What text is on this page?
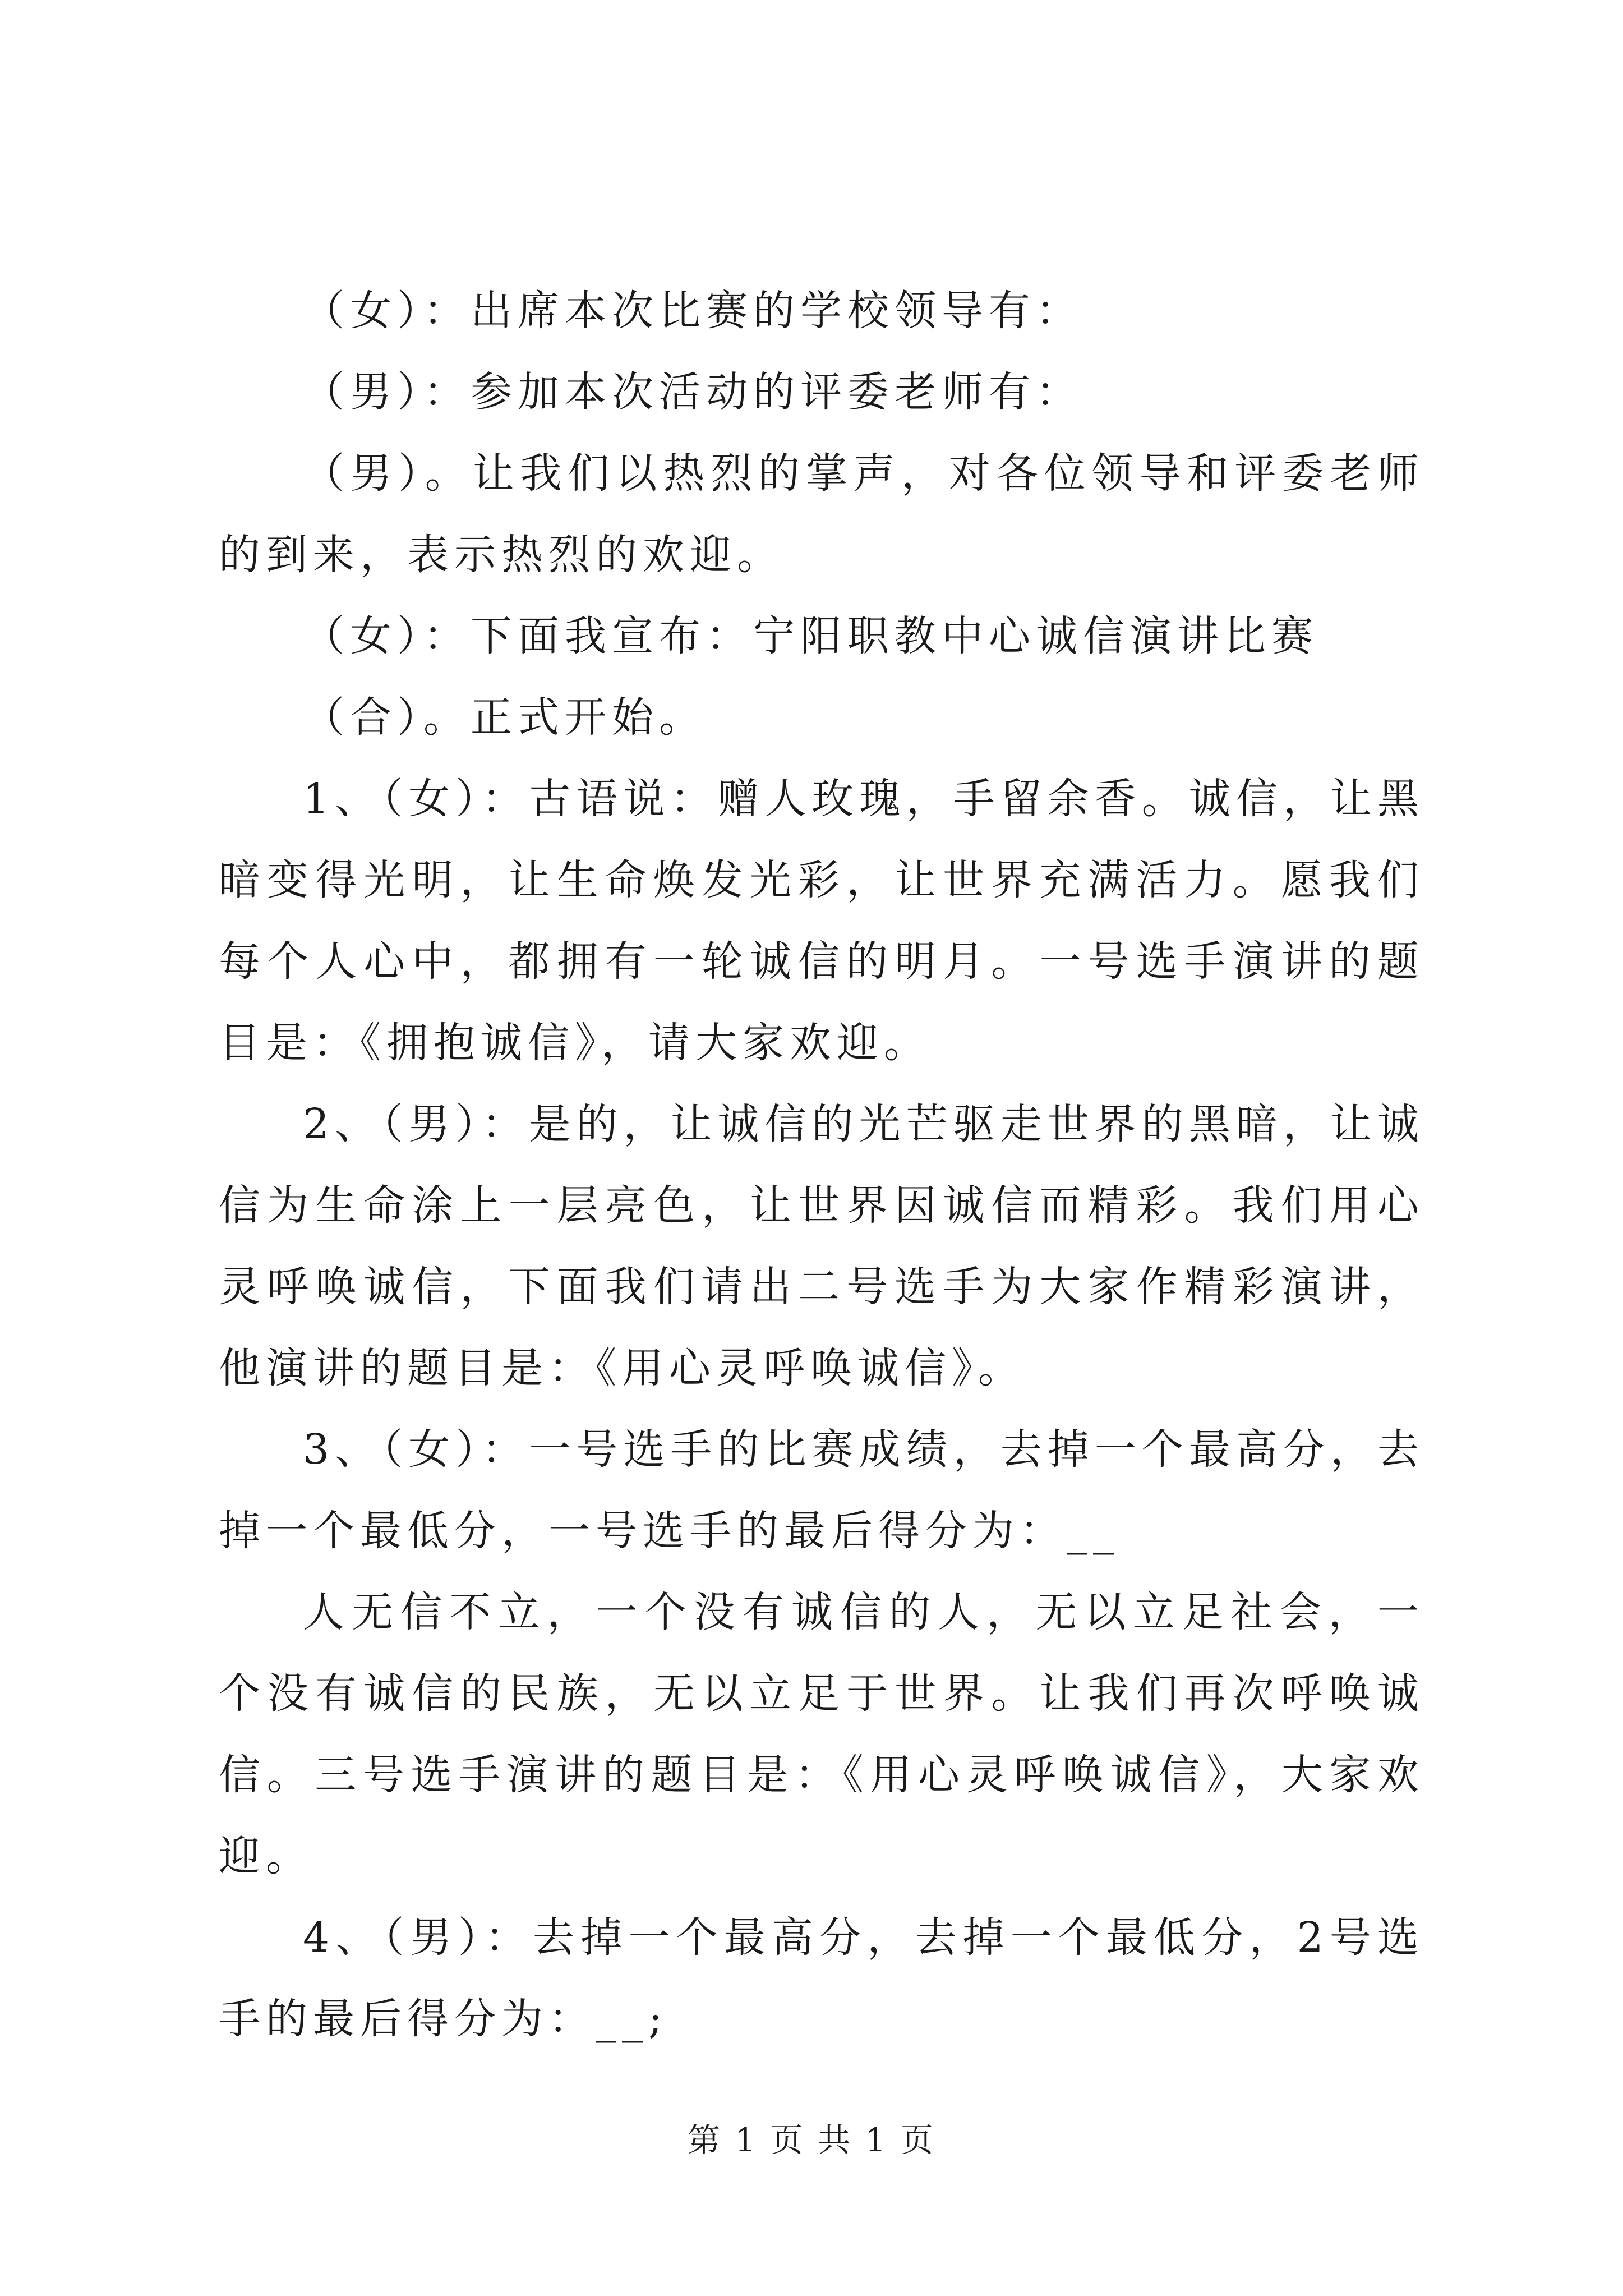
（女）：出席本次比赛的学校领导有：

（男）：参加本次活动的评委老师有：

（男）。让我们以热烈的掌声，对各位领导和评委老师的到来，表示热烈的欢迎。

（女）：下面我宣布：宁阳职教中心诚信演讲比赛

（合）。正式开始。

1、（女）：古语说：赠人玫瑰，手留余香。诚信，让黑暗变得光明，让生命焕发光彩，让世界充满活力。愿我们每个人心中，都拥有一轮诚信的明月。一号选手演讲的题目是：《拥抱诚信》，请大家欢迎。

2、（男）：是的，让诚信的光芒驱走世界的黑暗，让诚信为生命涂上一层亮色，让世界因诚信而精彩。我们用心灵呼唤诚信，下面我们请出二号选手为大家作精彩演讲，他演讲的题目是：《用心灵呼唤诚信》。

3、（女）：一号选手的比赛成绩，去掉一个最高分，去掉一个最低分，一号选手的最后得分为：__

人无信不立，一个没有诚信的人，无以立足社会，一个没有诚信的民族，无以立足于世界。让我们再次呼唤诚信。三号选手演讲的题目是：《用心灵呼唤诚信》，大家欢迎。

4、（男）：去掉一个最高分，去掉一个最低分，2号选手的最后得分为：__;

第 1 页 共 1 页
